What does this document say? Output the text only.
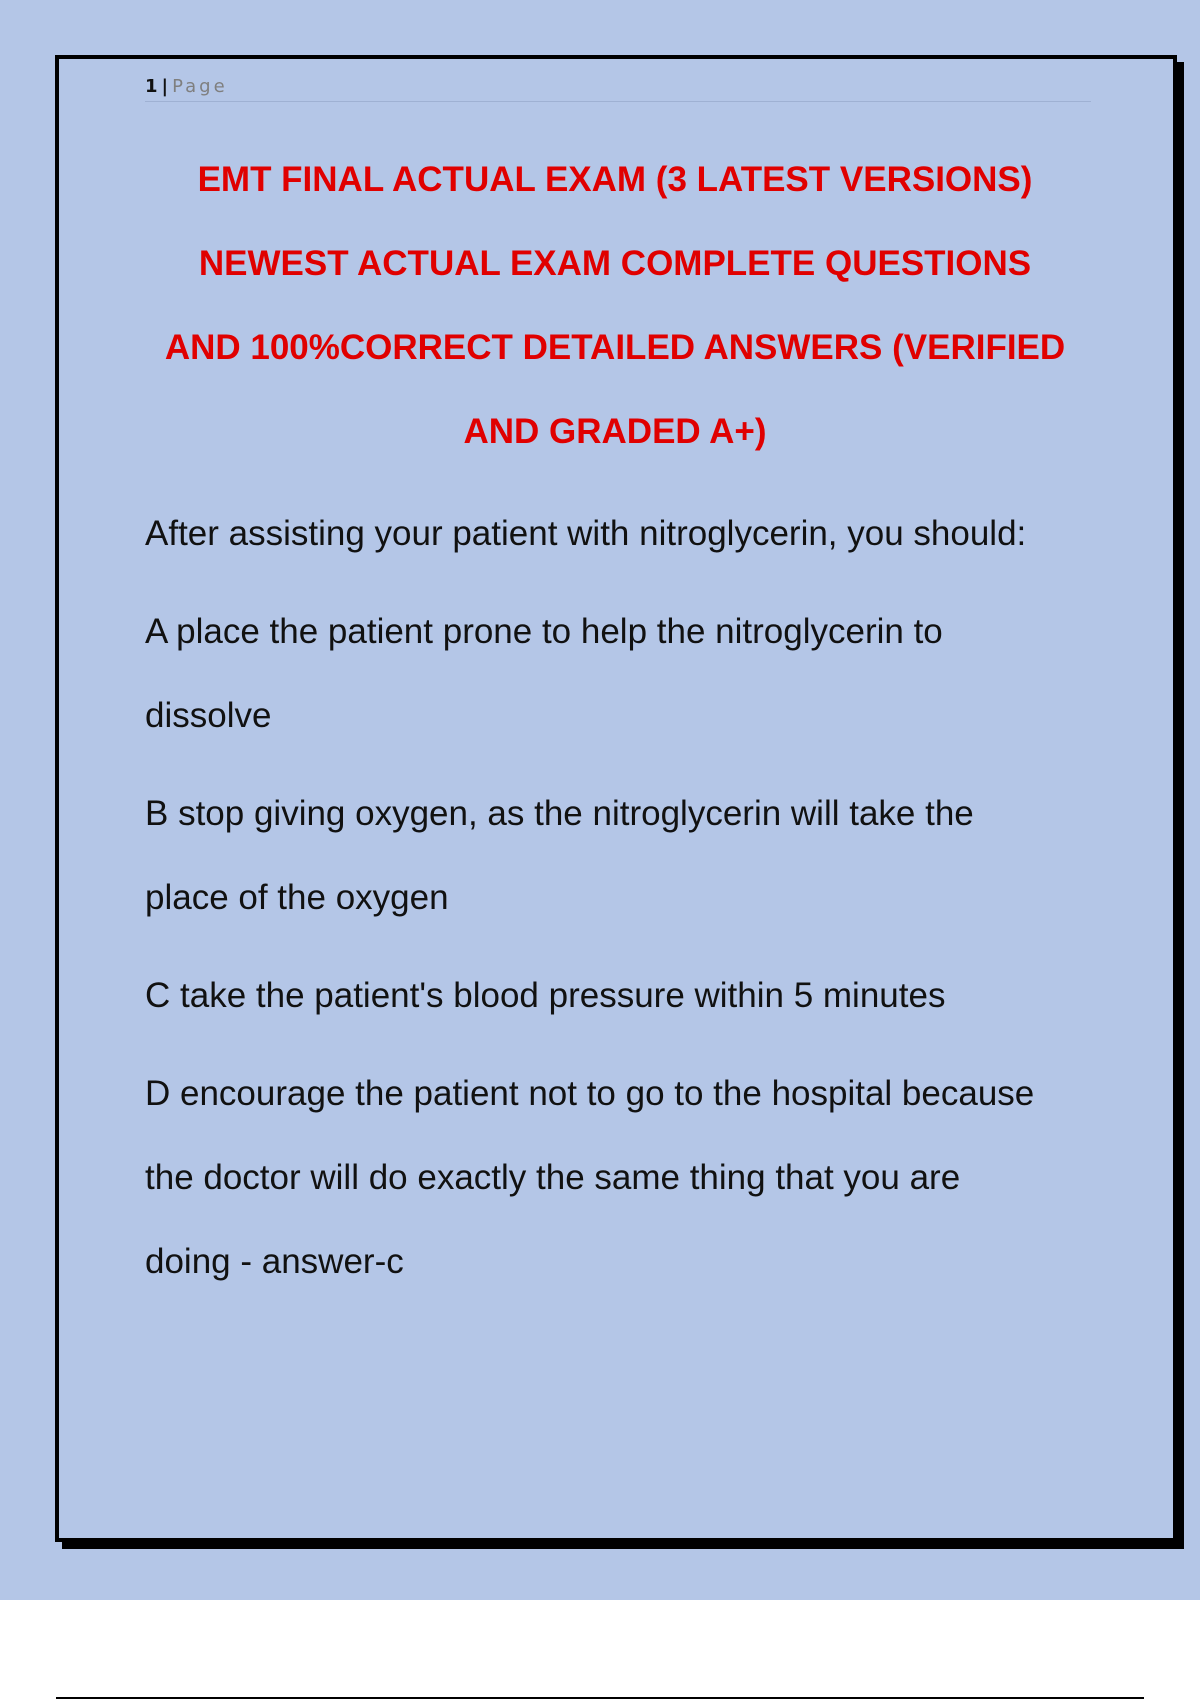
1 | Page
EMT FINAL ACTUAL EXAM (3 LATEST VERSIONS)
NEWEST ACTUAL EXAM COMPLETE QUESTIONS
AND 100%CORRECT DETAILED ANSWERS (VERIFIED
AND GRADED A+)

After assisting your patient with nitroglycerin, you should:

A place the patient prone to help the nitroglycerin to
dissolve

B stop giving oxygen, as the nitroglycerin will take the
place of the oxygen

C take the patient's blood pressure within 5 minutes

D encourage the patient not to go to the hospital because
the doctor will do exactly the same thing that you are
doing - answer-c
